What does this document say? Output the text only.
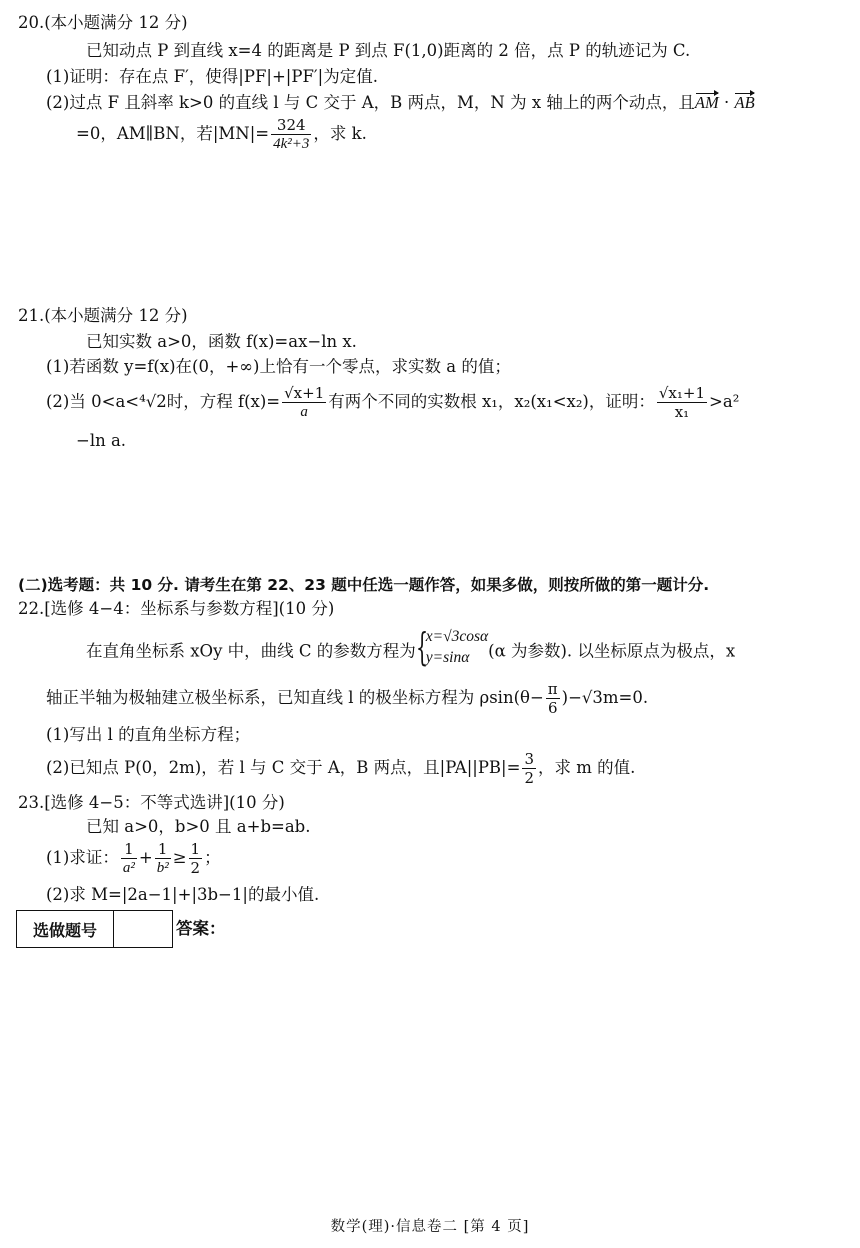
20.(本小题满分 12 分)
已知动点 P 到直线 x=4 的距离是 P 到点 F(1,0)距离的 2 倍，点 P 的轨迹记为 C.
(1)证明：存在点 F′，使得|PF|+|PF′|为定值.
(2)过点 F 且斜率 k>0 的直线 l 与 C 交于 A，B 两点，M，N 为 x 轴上的两个动点，且AM · AB
=0，AM∥BN，若$|MN|= \frac{324}{\text{4k²+3}}$ ，求 k.
21.(本小题满分 12 分)
已知实数 a>0，函数 f(x)=ax−ln x.
(1)若函数 y=f(x)在(0，+∞)上恰有一个零点，求实数 a 的值；
(2)当 0<a<⁴√2时，方程 $f(x)= \frac{√x+1}{a}$ 有两个不同的实数根 x₁，x₂(x₁<x₂)，证明： $\frac{\text{√x₁+1}}{\text{x₁}} >a^2$
−ln a.
(二)选考题：共 10 分. 请考生在第 22、23 题中任选一题作答，如果多做，则按所做的第一题计分.
22.[选修 4−4：坐标系与参数方程](10 分)
在直角坐标系 xOy 中，曲线 C 的参数方程为 {
x=√3cosα
y=sinα	(α 为参数). 以坐标原点为极点，x
轴正半轴为极轴建立极坐标系，已知直线 l 的极坐标方程为 $\rho\sin(\theta- \frac{\pi}{6} )-√3m=0$.
(1)写出 l 的直角坐标方程；
(2)已知点 P(0，2m)，若 l 与 C 交于 A，B 两点，且$|PA||PB|= \frac{3}{2}$ ，求 m 的值.
23.[选修 4−5：不等式选讲](10 分)
已知 a>0，b>0 且 a+b=ab.
(1)求证： $\frac{1}{\text{a²}} + \frac{1}{\text{b²}} \ge \frac{1}{2}$ ；
(2)求 M=|2a−1|+|3b−1|的最小值.
选做题号	答案：
数学(理)·信息卷二 [第 4 页]
